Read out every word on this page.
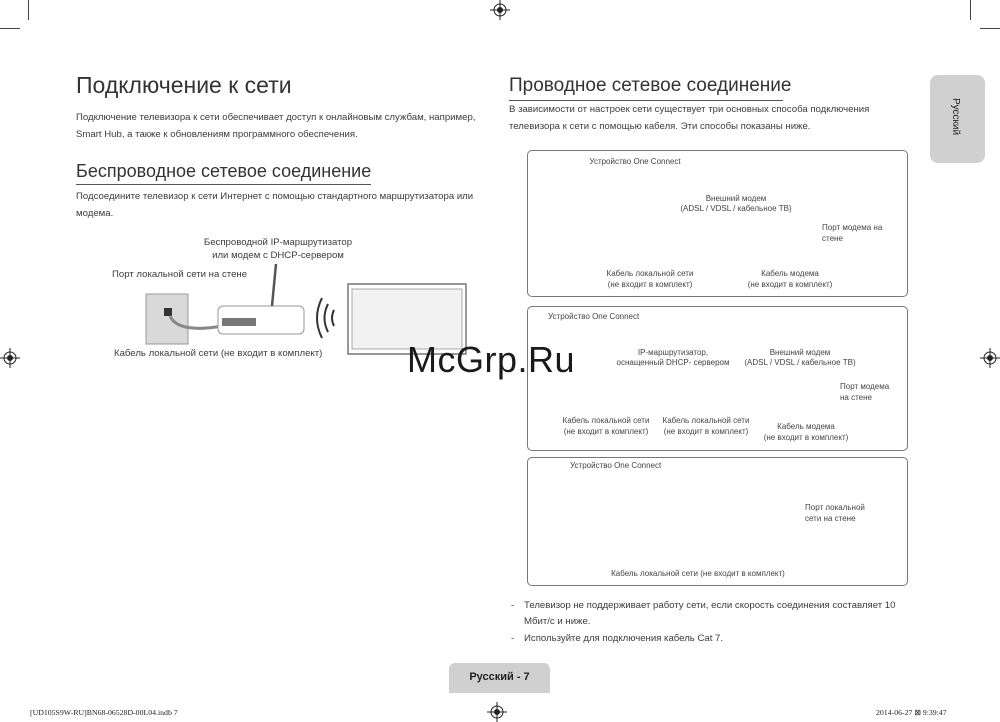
Подключение к сети
Подключение телевизора к сети обеспечивает доступ к онлайновым службам, например, Smart Hub, а также к обновлениям программного обеспечения.
Беспроводное сетевое соединение
Подсоедините телевизор к сети Интернет с помощью стандартного маршрутизатора или модема.
Беспроводной IP-маршрутизатор
или модем с DHCP-сервером
Порт локальной сети на стене
Кабель локальной сети (не входит в комплект)
Проводное сетевое соединение
В зависимости от настроек сети существует три основных способа подключения телевизора к сети с помощью кабеля. Эти способы показаны ниже.
Устройство One Connect
Внешний модем
(ADSL / VDSL / кабельное ТВ)
Порт модема на
стене
Кабель локальной сети
(не входит в комплект)
Кабель модема
(не входит в комплект)
Устройство One Connect
IP-маршрутизатор,
оснащенный DHCP- сервером
Внешний модем
(ADSL / VDSL / кабельное ТВ)
Порт модема
на стене
Кабель локальной сети
(не входит в комплект)
Кабель локальной сети
(не входит в комплект)
Кабель модема
(не входит в комплект)
Устройство One Connect
Порт локальной
сети на стене
Кабель локальной сети (не входит в комплект)
- Телевизор не поддерживает работу сети, если скорость соединения составляет 10 Мбит/с и ниже.
- Используйте для подключения кабель Cat 7.
Русский
McGrp.Ru
Русский - 7
[UD105S9W-RU]BN68-06528D-00L04.indb 7	2014-06-27 ⊠ 9:39:47
